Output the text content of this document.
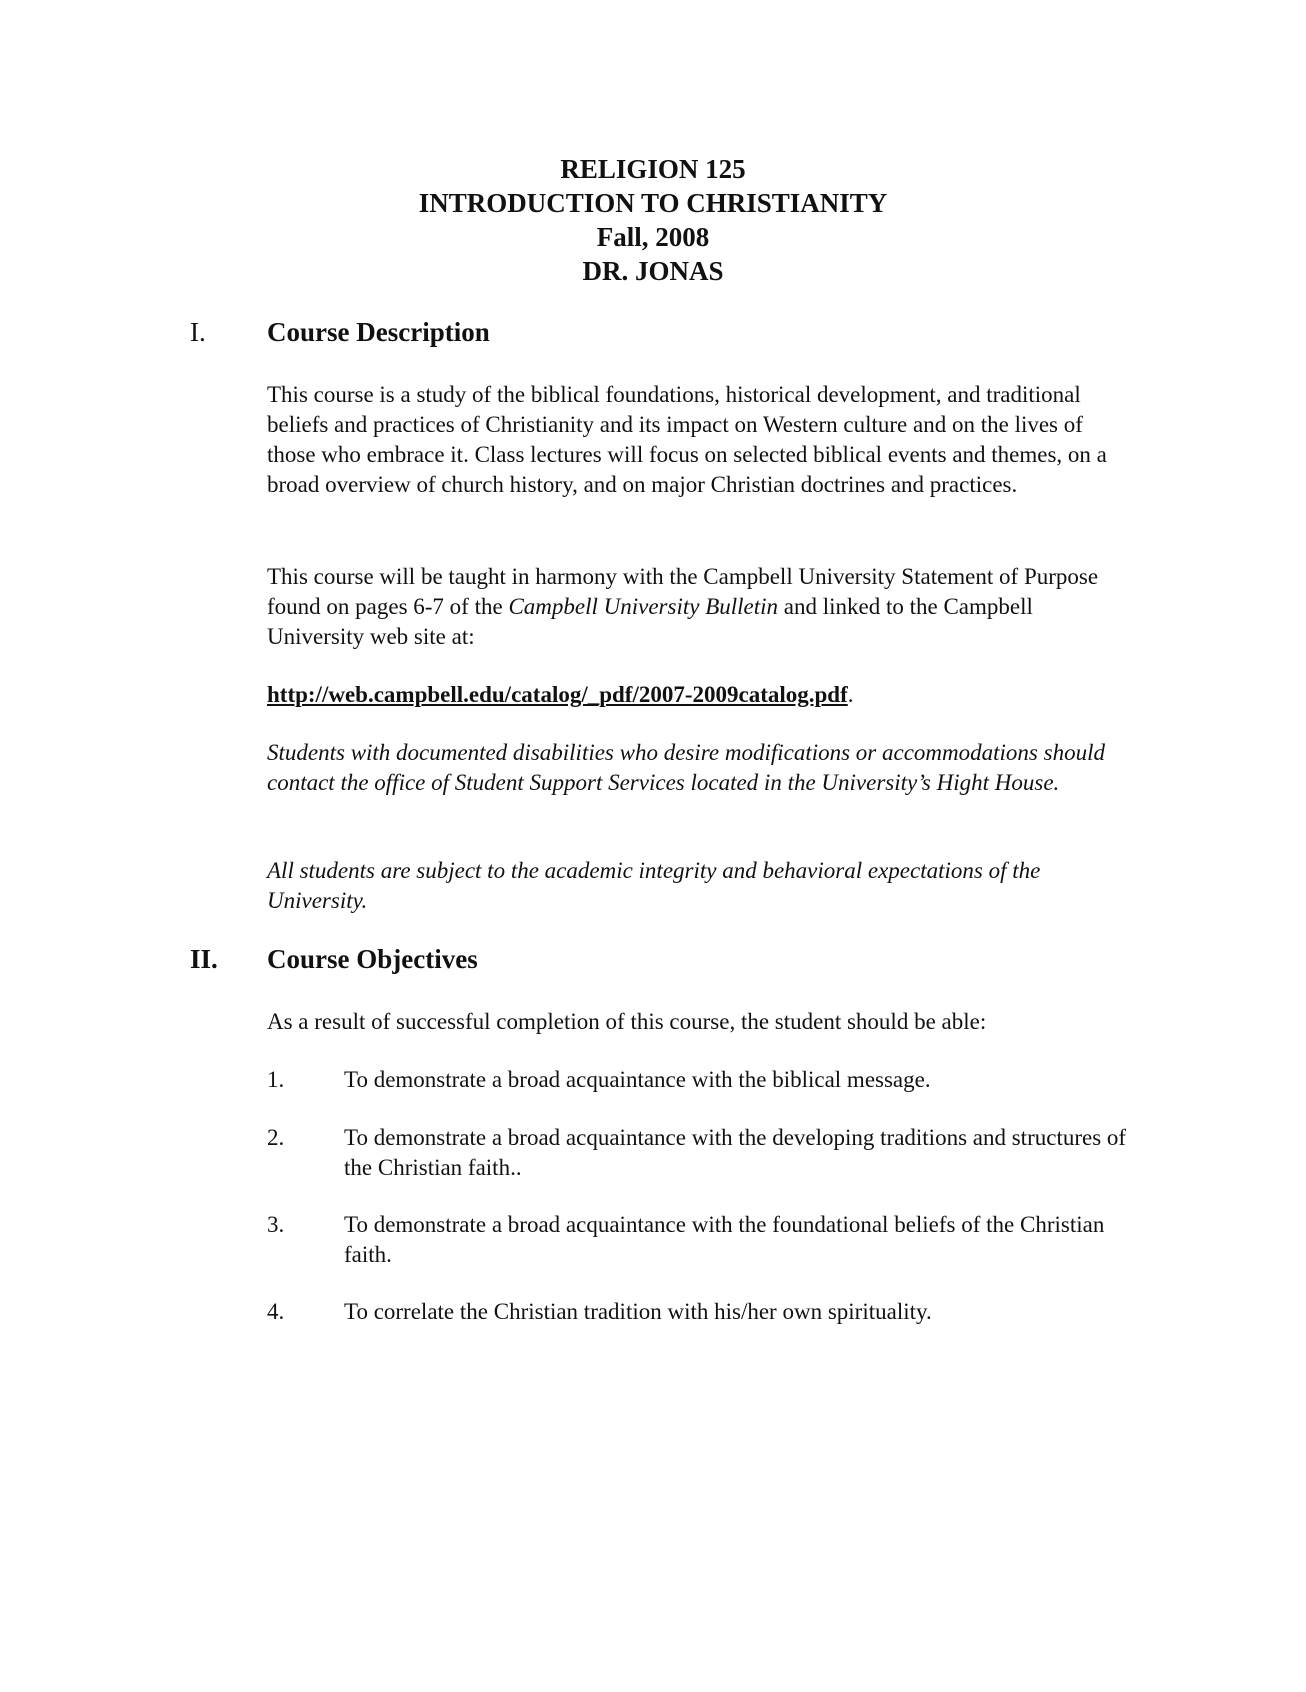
RELIGION 125
INTRODUCTION TO CHRISTIANITY
Fall, 2008
DR. JONAS
I. Course Description

This course is a study of the biblical foundations, historical development, and traditional beliefs and practices of Christianity and its impact on Western culture and on the lives of those who embrace it. Class lectures will focus on selected biblical events and themes, on a broad overview of church history, and on major Christian doctrines and practices.

This course will be taught in harmony with the Campbell University Statement of Purpose found on pages 6-7 of the Campbell University Bulletin and linked to the Campbell University web site at:

http://web.campbell.edu/catalog/_pdf/2007-2009catalog.pdf.

Students with documented disabilities who desire modifications or accommodations should contact the office of Student Support Services located in the University’s Hight House.

All students are subject to the academic integrity and behavioral expectations of the University.

II. Course Objectives

As a result of successful completion of this course, the student should be able:

1.	To demonstrate a broad acquaintance with the biblical message.
2.	To demonstrate a broad acquaintance with the developing traditions and structures of the Christian faith..
3.	To demonstrate a broad acquaintance with the foundational beliefs of the Christian faith.
4.	To correlate the Christian tradition with his/her own spirituality.
